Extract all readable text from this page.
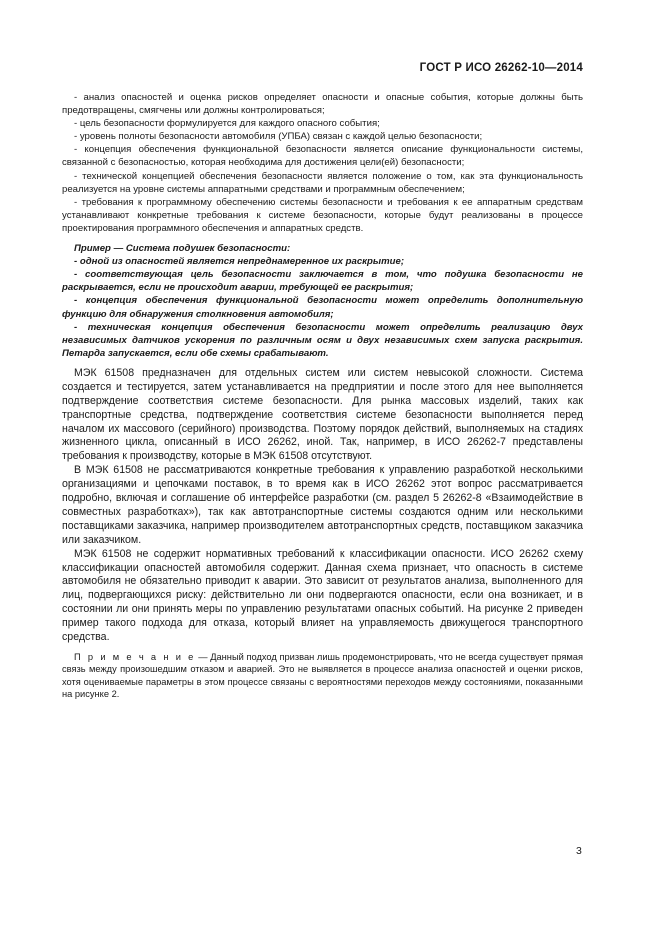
ГОСТ Р ИСО 26262-10—2014

- анализ опасностей и оценка рисков определяет опасности и опасные события, которые должны быть предотвращены, смягчены или должны контролироваться;

- цель безопасности формулируется для каждого опасного события;

- уровень полноты безопасности автомобиля (УПБА) связан с каждой целью безопасности;

- концепция обеспечения функциональной безопасности является описание функциональности системы, связанной с безопасностью, которая необходима для достижения цели(ей) безопасности;

- технической концепцией обеспечения безопасности является положение о том, как эта функциональность реализуется на уровне системы аппаратными средствами и программным обеспечением;

- требования к программному обеспечению системы безопасности и требования к ее аппаратным средствам устанавливают конкретные требования к системе безопасности, которые будут реализованы в процессе проектирования программного обеспечения и аппаратных средств.

Пример — Система подушек безопасности:

- одной из опасностей является непреднамеренное их раскрытие;

- соответствующая цель безопасности заключается в том, что подушка безопасности не раскрывается, если не происходит аварии, требующей ее раскрытия;

- концепция обеспечения функциональной безопасности может определить дополнительную функцию для обнаружения столкновения автомобиля;

- техническая концепция обеспечения безопасности может определить реализацию двух независимых датчиков ускорения по различным осям и двух независимых схем запуска раскрытия. Петарда запускается, если обе схемы срабатывают.

МЭК 61508 предназначен для отдельных систем или систем невысокой сложности. Система создается и тестируется, затем устанавливается на предприятии и после этого для нее выполняется подтверждение соответствия системе безопасности. Для рынка массовых изделий, таких как транспортные средства, подтверждение соответствия системе безопасности выполняется перед началом их массового (серийного) производства. Поэтому порядок действий, выполняемых на стадиях жизненного цикла, описанный в ИСО 26262, иной. Так, например, в ИСО 26262-7 представлены требования к производству, которые в МЭК 61508 отсутствуют.

В МЭК 61508 не рассматриваются конкретные требования к управлению разработкой несколькими организациями и цепочками поставок, в то время как в ИСО 26262 этот вопрос рассматривается подробно, включая и соглашение об интерфейсе разработки (см. раздел 5 26262-8 «Взаимодействие в совместных разработках»), так как автотранспортные системы создаются одним или несколькими поставщиками заказчика, например производителем автотранспортных средств, поставщиком заказчика или заказчиком.

МЭК 61508 не содержит нормативных требований к классификации опасности. ИСО 26262 схему классификации опасностей автомобиля содержит. Данная схема признает, что опасность в системе автомобиля не обязательно приводит к аварии. Это зависит от результатов анализа, выполненного для лиц, подвергающихся риску: действительно ли они подвергаются опасности, если она возникает, и в состоянии ли они принять меры по управлению результатами опасных событий. На рисунке 2 приведен пример такого подхода для отказа, который влияет на управляемость движущегося транспортного средства.

П р и м е ч а н и е — Данный подход призван лишь продемонстрировать, что не всегда существует прямая связь между произошедшим отказом и аварией. Это не выявляется в процессе анализа опасностей и оценки рисков, хотя оцениваемые параметры в этом процессе связаны с вероятностями переходов между состояниями, показанными на рисунке 2.

3
